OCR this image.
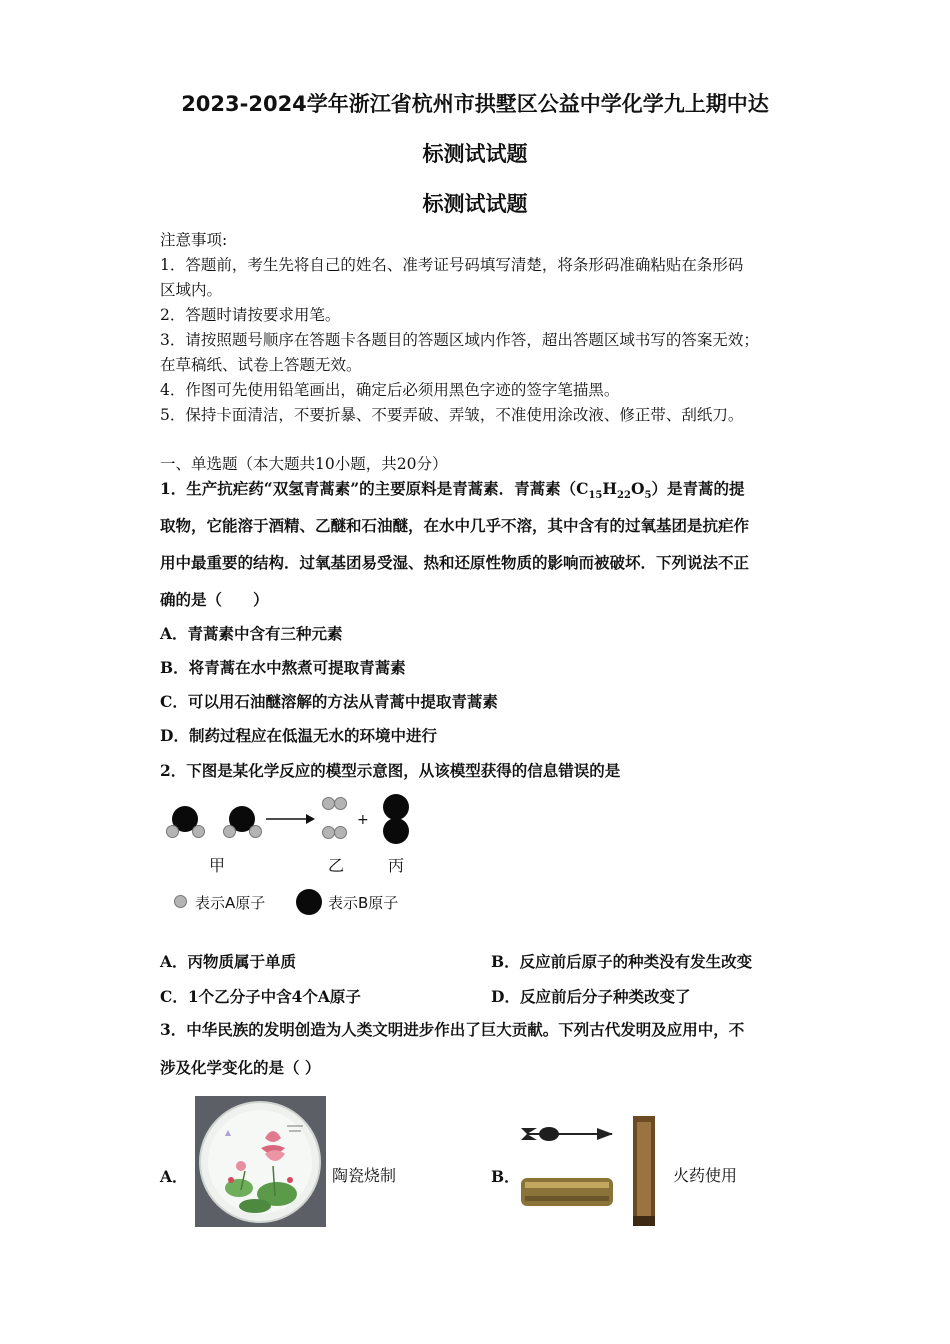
2023-2024学年浙江省杭州市拱墅区公益中学化学九上期中达
标测试试题
标测试试题
注意事项:
1．答题前，考生先将自己的姓名、准考证号码填写清楚，将条形码准确粘贴在条形码
区域内。
2．答题时请按要求用笔。
3．请按照题号顺序在答题卡各题目的答题区域内作答，超出答题区域书写的答案无效；
在草稿纸、试卷上答题无效。
4．作图可先使用铅笔画出，确定后必须用黑色字迹的签字笔描黑。
5．保持卡面清洁，不要折暴、不要弄破、弄皱，不准使用涂改液、修正带、刮纸刀。
一、单选题（本大题共10小题，共20分）
1．生产抗疟药“双氢青蒿素”的主要原料是青蒿素．青蒿素$(C_{15}H_{22}O_5)$是青蒿的提
取物，它能溶于酒精、乙醚和石油醚，在水中几乎不溶，其中含有的过氧基团是抗疟作
用中最重要的结构．过氧基团易受湿、热和还原性物质的影响而被破坏．下列说法不正
确的是（　　）
A．青蒿素中含有三种元素
B．将青蒿在水中熬煮可提取青蒿素
C．可以用石油醚溶解的方法从青蒿中提取青蒿素
D．制药过程应在低温无水的环境中进行
2．下图是某化学反应的模型示意图，从该模型获得的信息错误的是
+
甲	乙	丙
表示A原子	表示B原子
A．丙物质属于单质	B．反应前后原子的种类没有发生改变
C．1个乙分子中含4个A原子	D．反应前后分子种类改变了
3．中华民族的发明创造为人类文明进步作出了巨大贡献。下列古代发明及应用中，不
涉及化学变化的是（ ）
A．	陶瓷烧制	B．	火药使用
